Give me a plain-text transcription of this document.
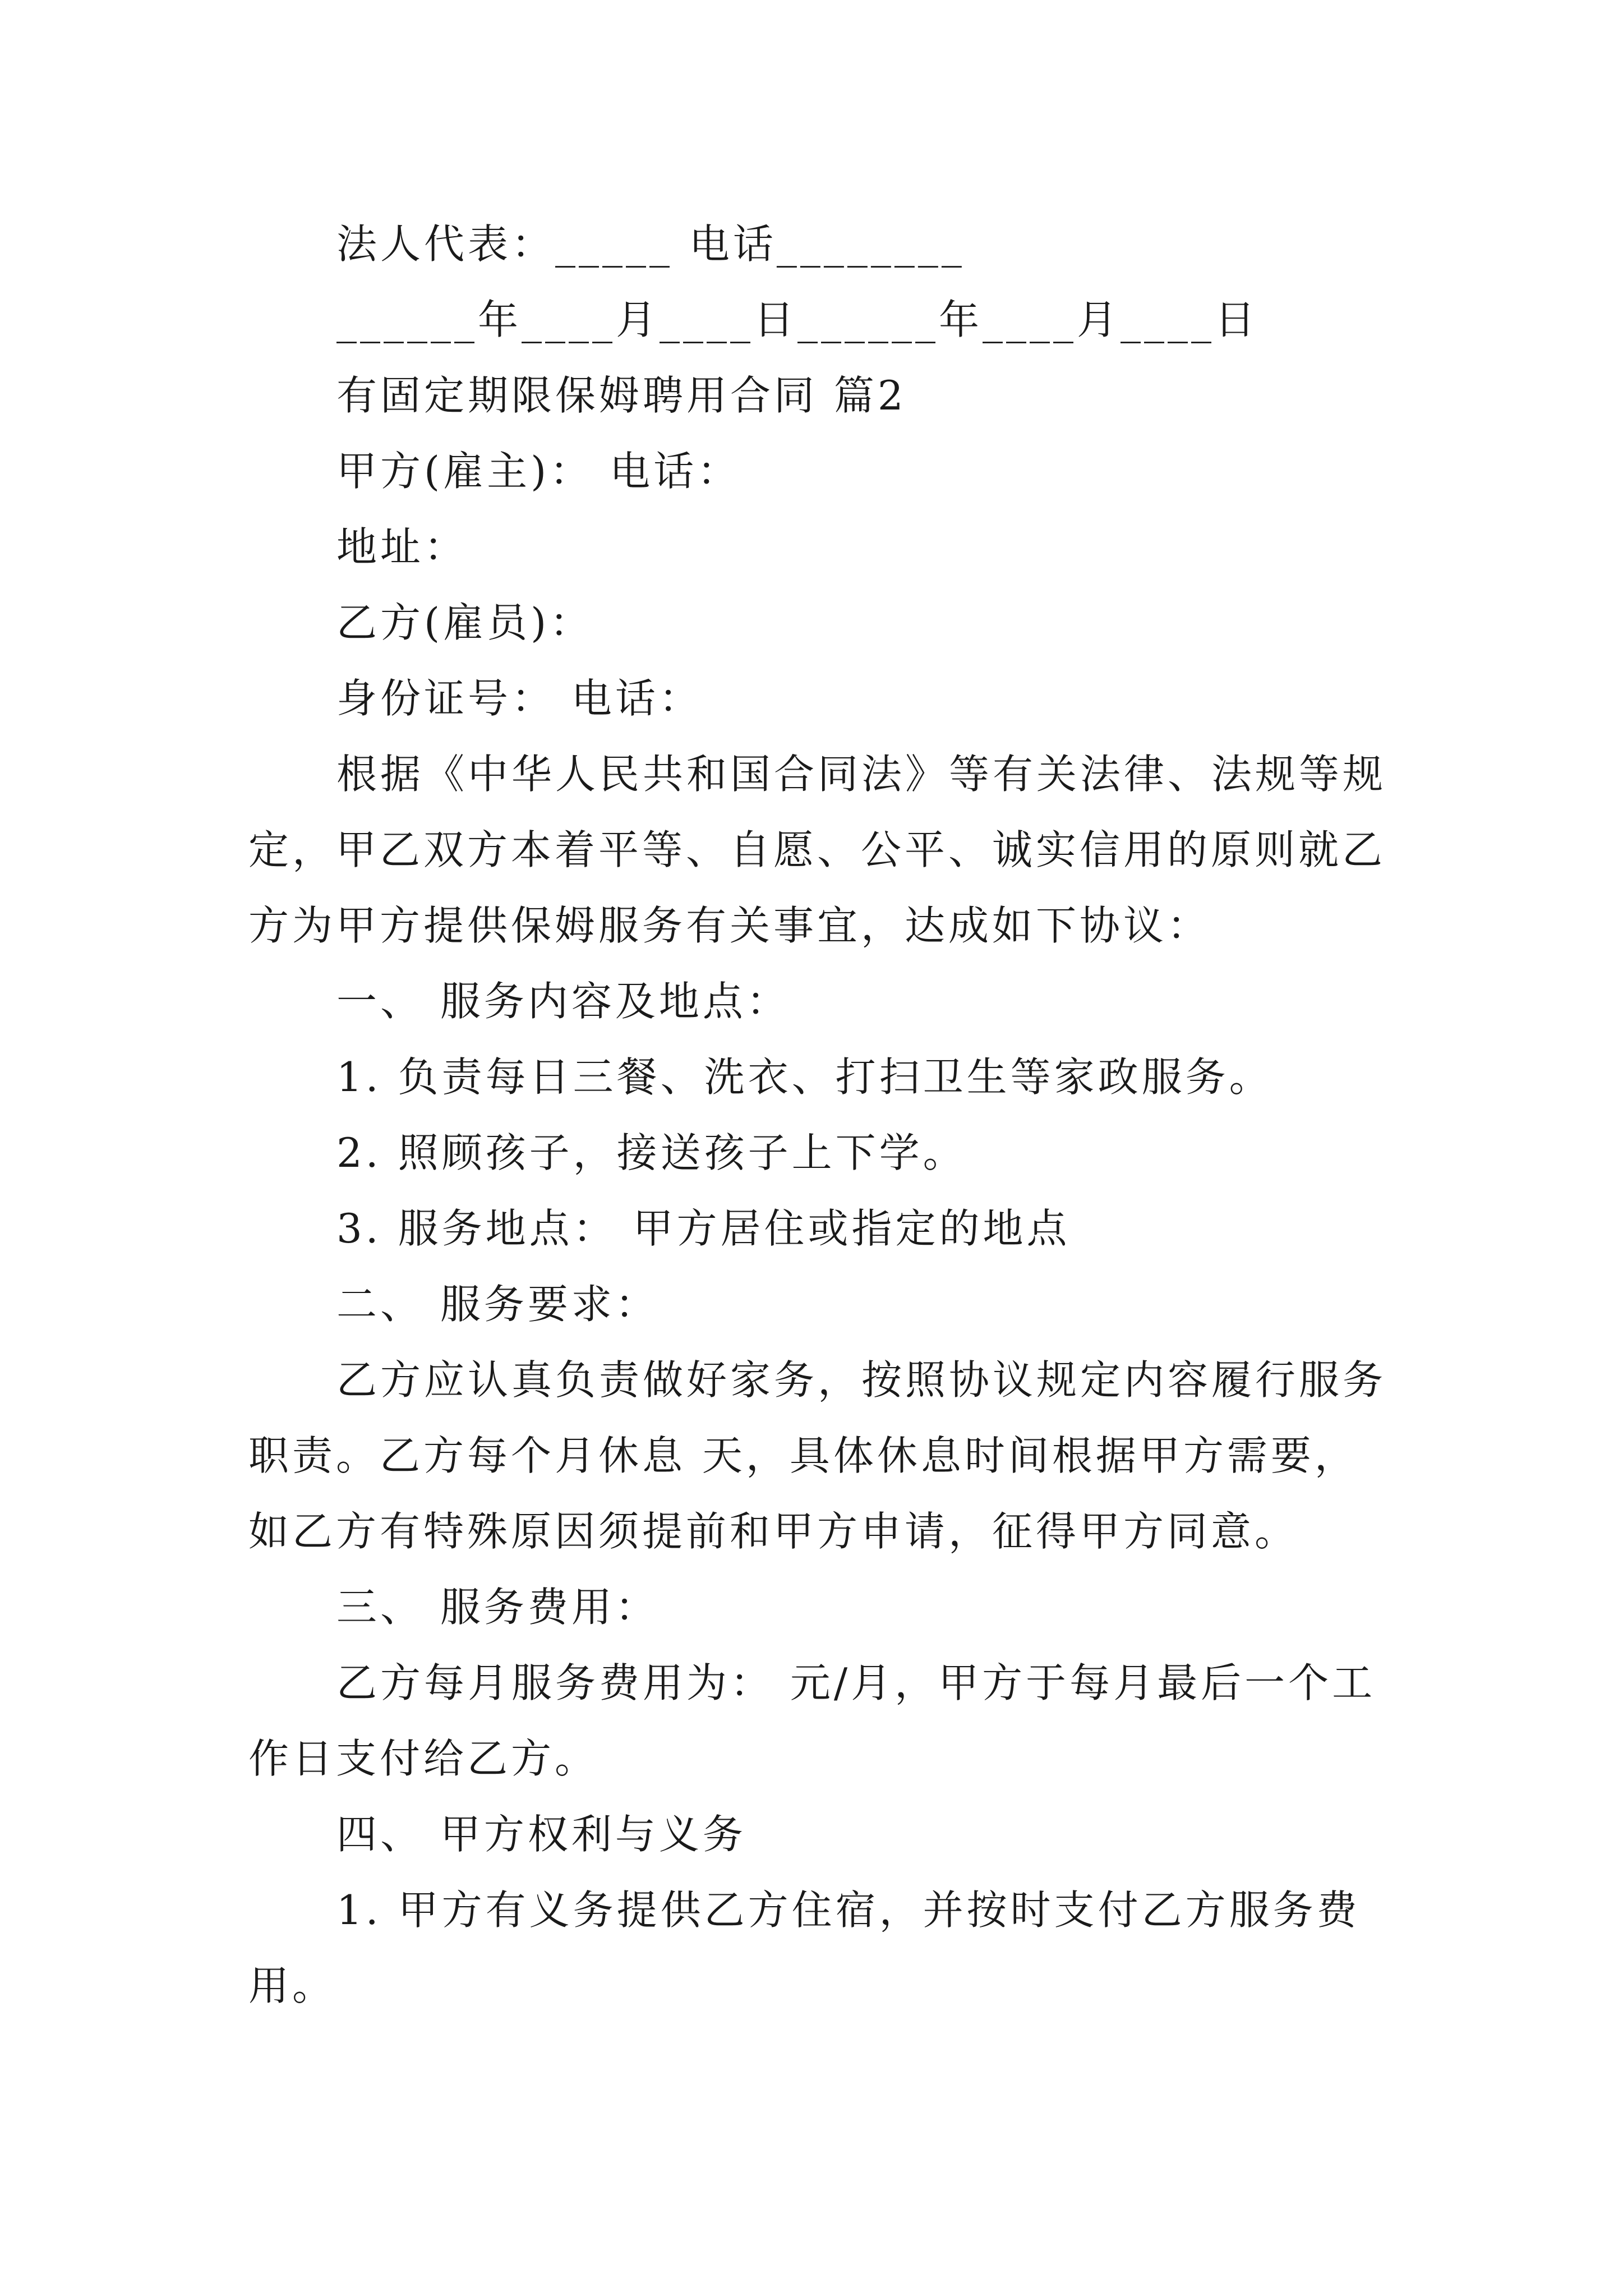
法人代表：_____ 电话________
______年____月____日______年____月____日
有固定期限保姆聘用合同 篇2
甲方(雇主)： 电话：
地址：
乙方(雇员)：
身份证号： 电话：
根据《中华人民共和国合同法》等有关法律、法规等规
定，甲乙双方本着平等、自愿、公平、诚实信用的原则就乙
方为甲方提供保姆服务有关事宜，达成如下协议：
一、 服务内容及地点：
1. 负责每日三餐、洗衣、打扫卫生等家政服务。
2. 照顾孩子，接送孩子上下学。
3. 服务地点： 甲方居住或指定的地点
二、 服务要求：
乙方应认真负责做好家务，按照协议规定内容履行服务
职责。乙方每个月休息 天，具体休息时间根据甲方需要，
如乙方有特殊原因须提前和甲方申请，征得甲方同意。
三、 服务费用：
乙方每月服务费用为： 元/月，甲方于每月最后一个工
作日支付给乙方。
四、 甲方权利与义务
1. 甲方有义务提供乙方住宿，并按时支付乙方服务费
用。
